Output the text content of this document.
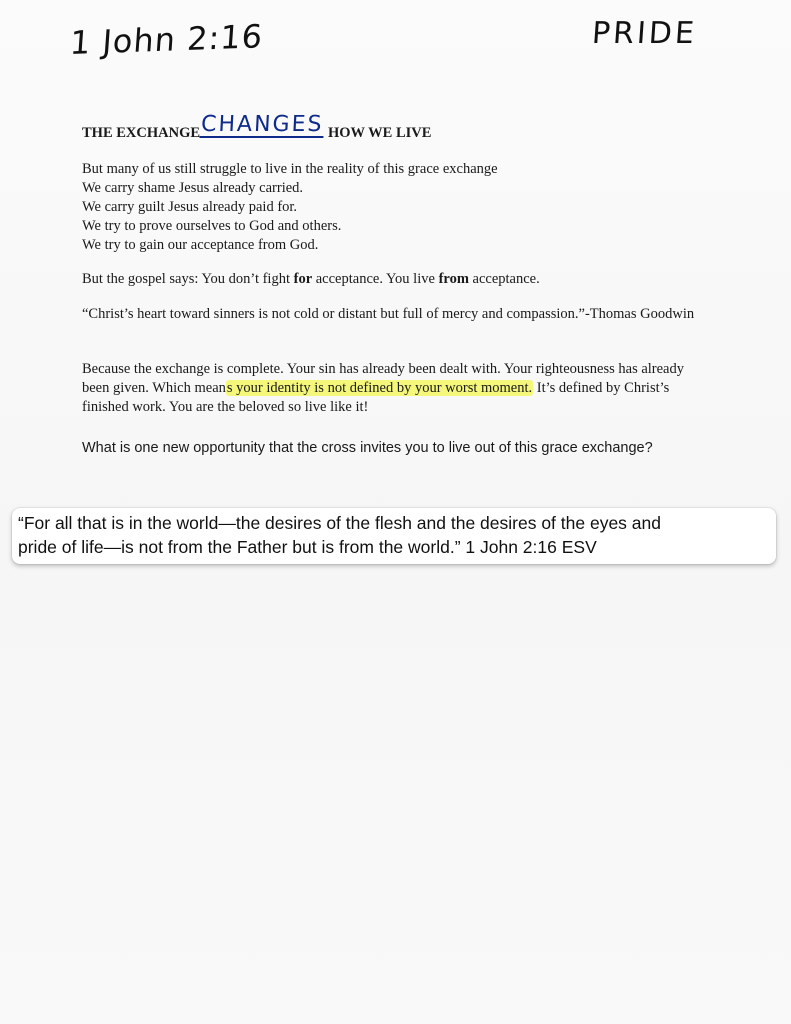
1 John 2:16	PRIDE
THE EXCHANGE CHANGES HOW WE LIVE
But many of us still struggle to live in the reality of this grace exchange
We carry shame Jesus already carried.
We carry guilt Jesus already paid for.
We try to prove ourselves to God and others.
We try to gain our acceptance from God.
But the gospel says: You don’t fight for acceptance. You live from acceptance.
“Christ’s heart toward sinners is not cold or distant but full of mercy and compassion.”-Thomas Goodwin
Because the exchange is complete. Your sin has already been dealt with. Your righteousness has already been given. Which means your identity is not defined by your worst moment. It’s defined by Christ’s finished work. You are the beloved so live like it!
What is one new opportunity that the cross invites you to live out of this grace exchange?
“For all that is in the world—the desires of the flesh and the desires of the eyes and
pride of life—is not from the Father but is from the world.” 1 John 2:16 ESV
